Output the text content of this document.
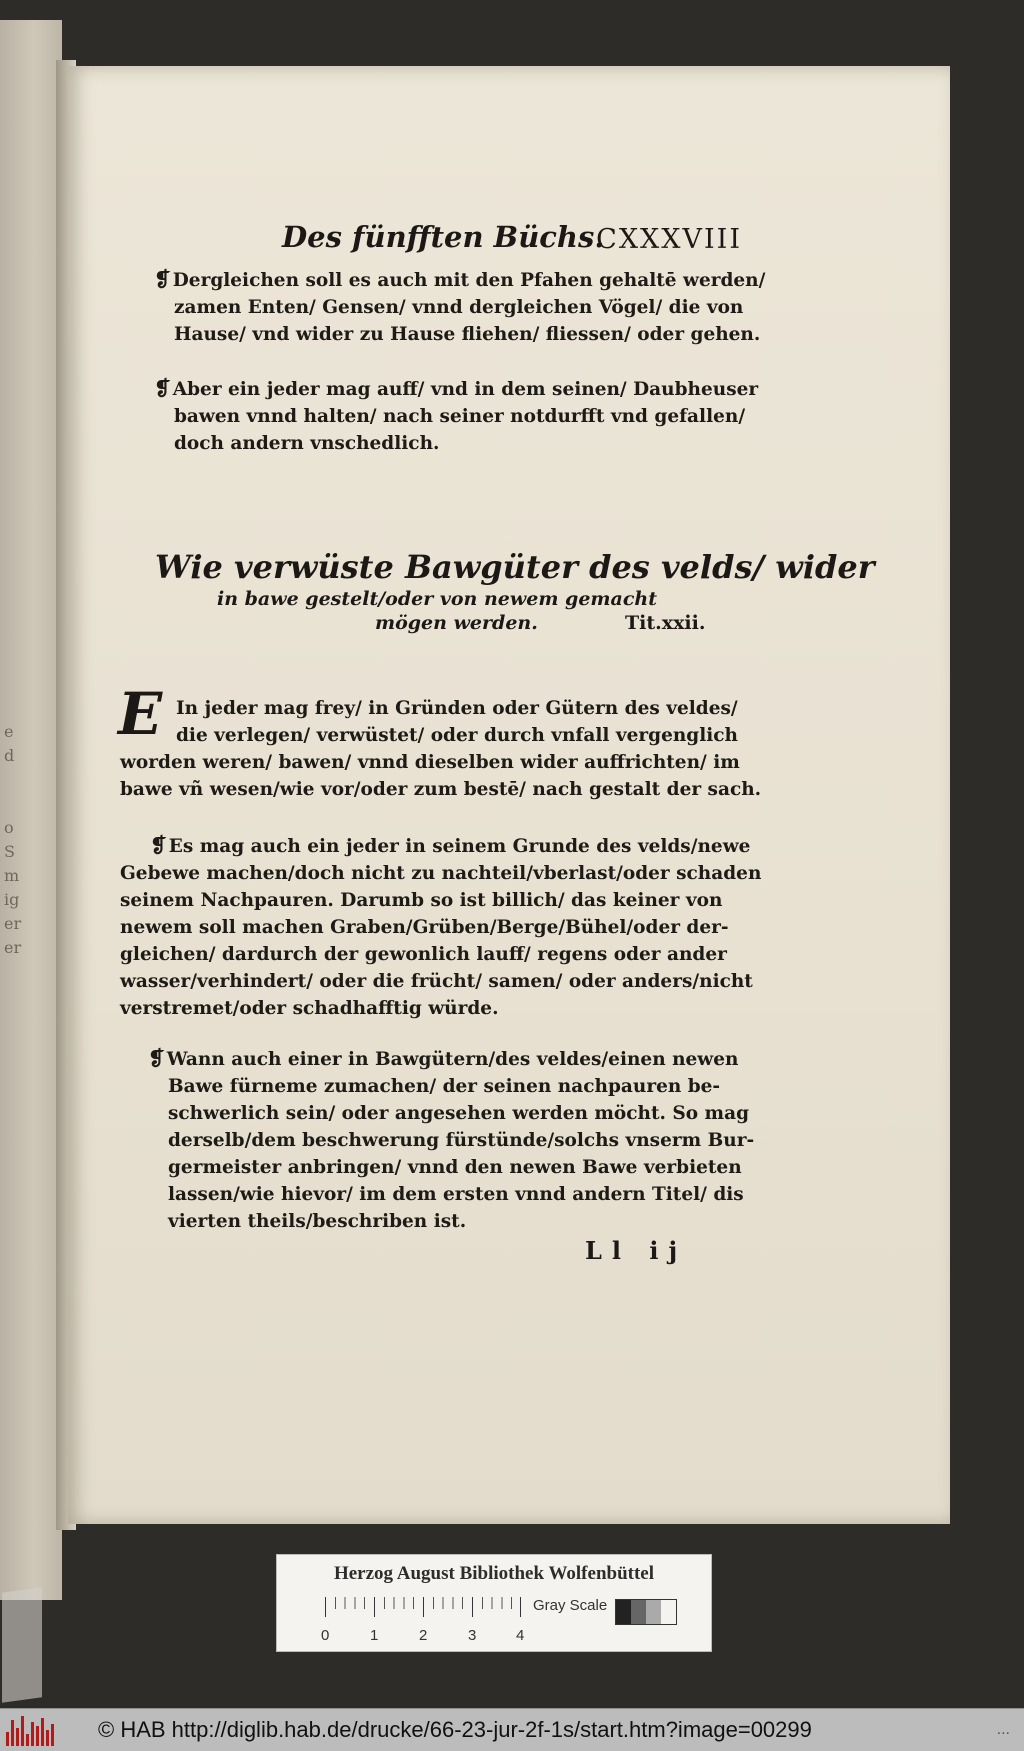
e
d
o
S
m
ig
er
er
Des fünfften Büchs.
CXXXVIII
❡ Dergleichen soll es auch mit den Pfahen gehaltē werden/
zamen Enten/ Gensen/ vnnd dergleichen Vögel/ die von
Hause/ vnd wider zu Hause fliehen/ fliessen/ oder gehen.
❡ Aber ein jeder mag auff/ vnd in dem seinen/ Daubheuser
bawen vnnd halten/ nach seiner notdurfft vnd gefallen/
doch andern vnschedlich.
Wie verwüste Bawgüter des velds/ wider
in bawe gestelt/oder von newem gemacht
mögen werden.	Tit.xxii.
E In jeder mag frey/ in Gründen oder Gütern des veldes/
die verlegen/ verwüstet/ oder durch vnfall vergenglich
worden weren/ bawen/ vnnd dieselben wider auffrichten/ im
bawe vñ wesen/wie vor/oder zum bestē/ nach gestalt der sach.
❡ Es mag auch ein jeder in seinem Grunde des velds/newe
Gebewe machen/doch nicht zu nachteil/vberlast/oder schaden
seinem Nachpauren. Darumb so ist billich/ das keiner von
newem soll machen Graben/Grüben/Berge/Bühel/oder der-
gleichen/ dardurch der gewonlich lauff/ regens oder ander
wasser/verhindert/ oder die frücht/ samen/ oder anders/nicht
verstremet/oder schadhafftig würde.
❡ Wann auch einer in Bawgütern/des veldes/einen newen
Bawe fürneme zumachen/ der seinen nachpauren be-
schwerlich sein/ oder angesehen werden möcht. So mag
derselb/dem beschwerung fürstünde/solchs vnserm Bur-
germeister anbringen/ vnnd den newen Bawe verbieten
lassen/wie hievor/ im dem ersten vnnd andern Titel/ dis
vierten theils/beschriben ist.
Ll ij
Herzog August Bibliothek Wolfenbüttel
0	1	2	3	4
Gray Scale
© HAB http://diglib.hab.de/drucke/66-23-jur-2f-1s/start.htm?image=00299	...
